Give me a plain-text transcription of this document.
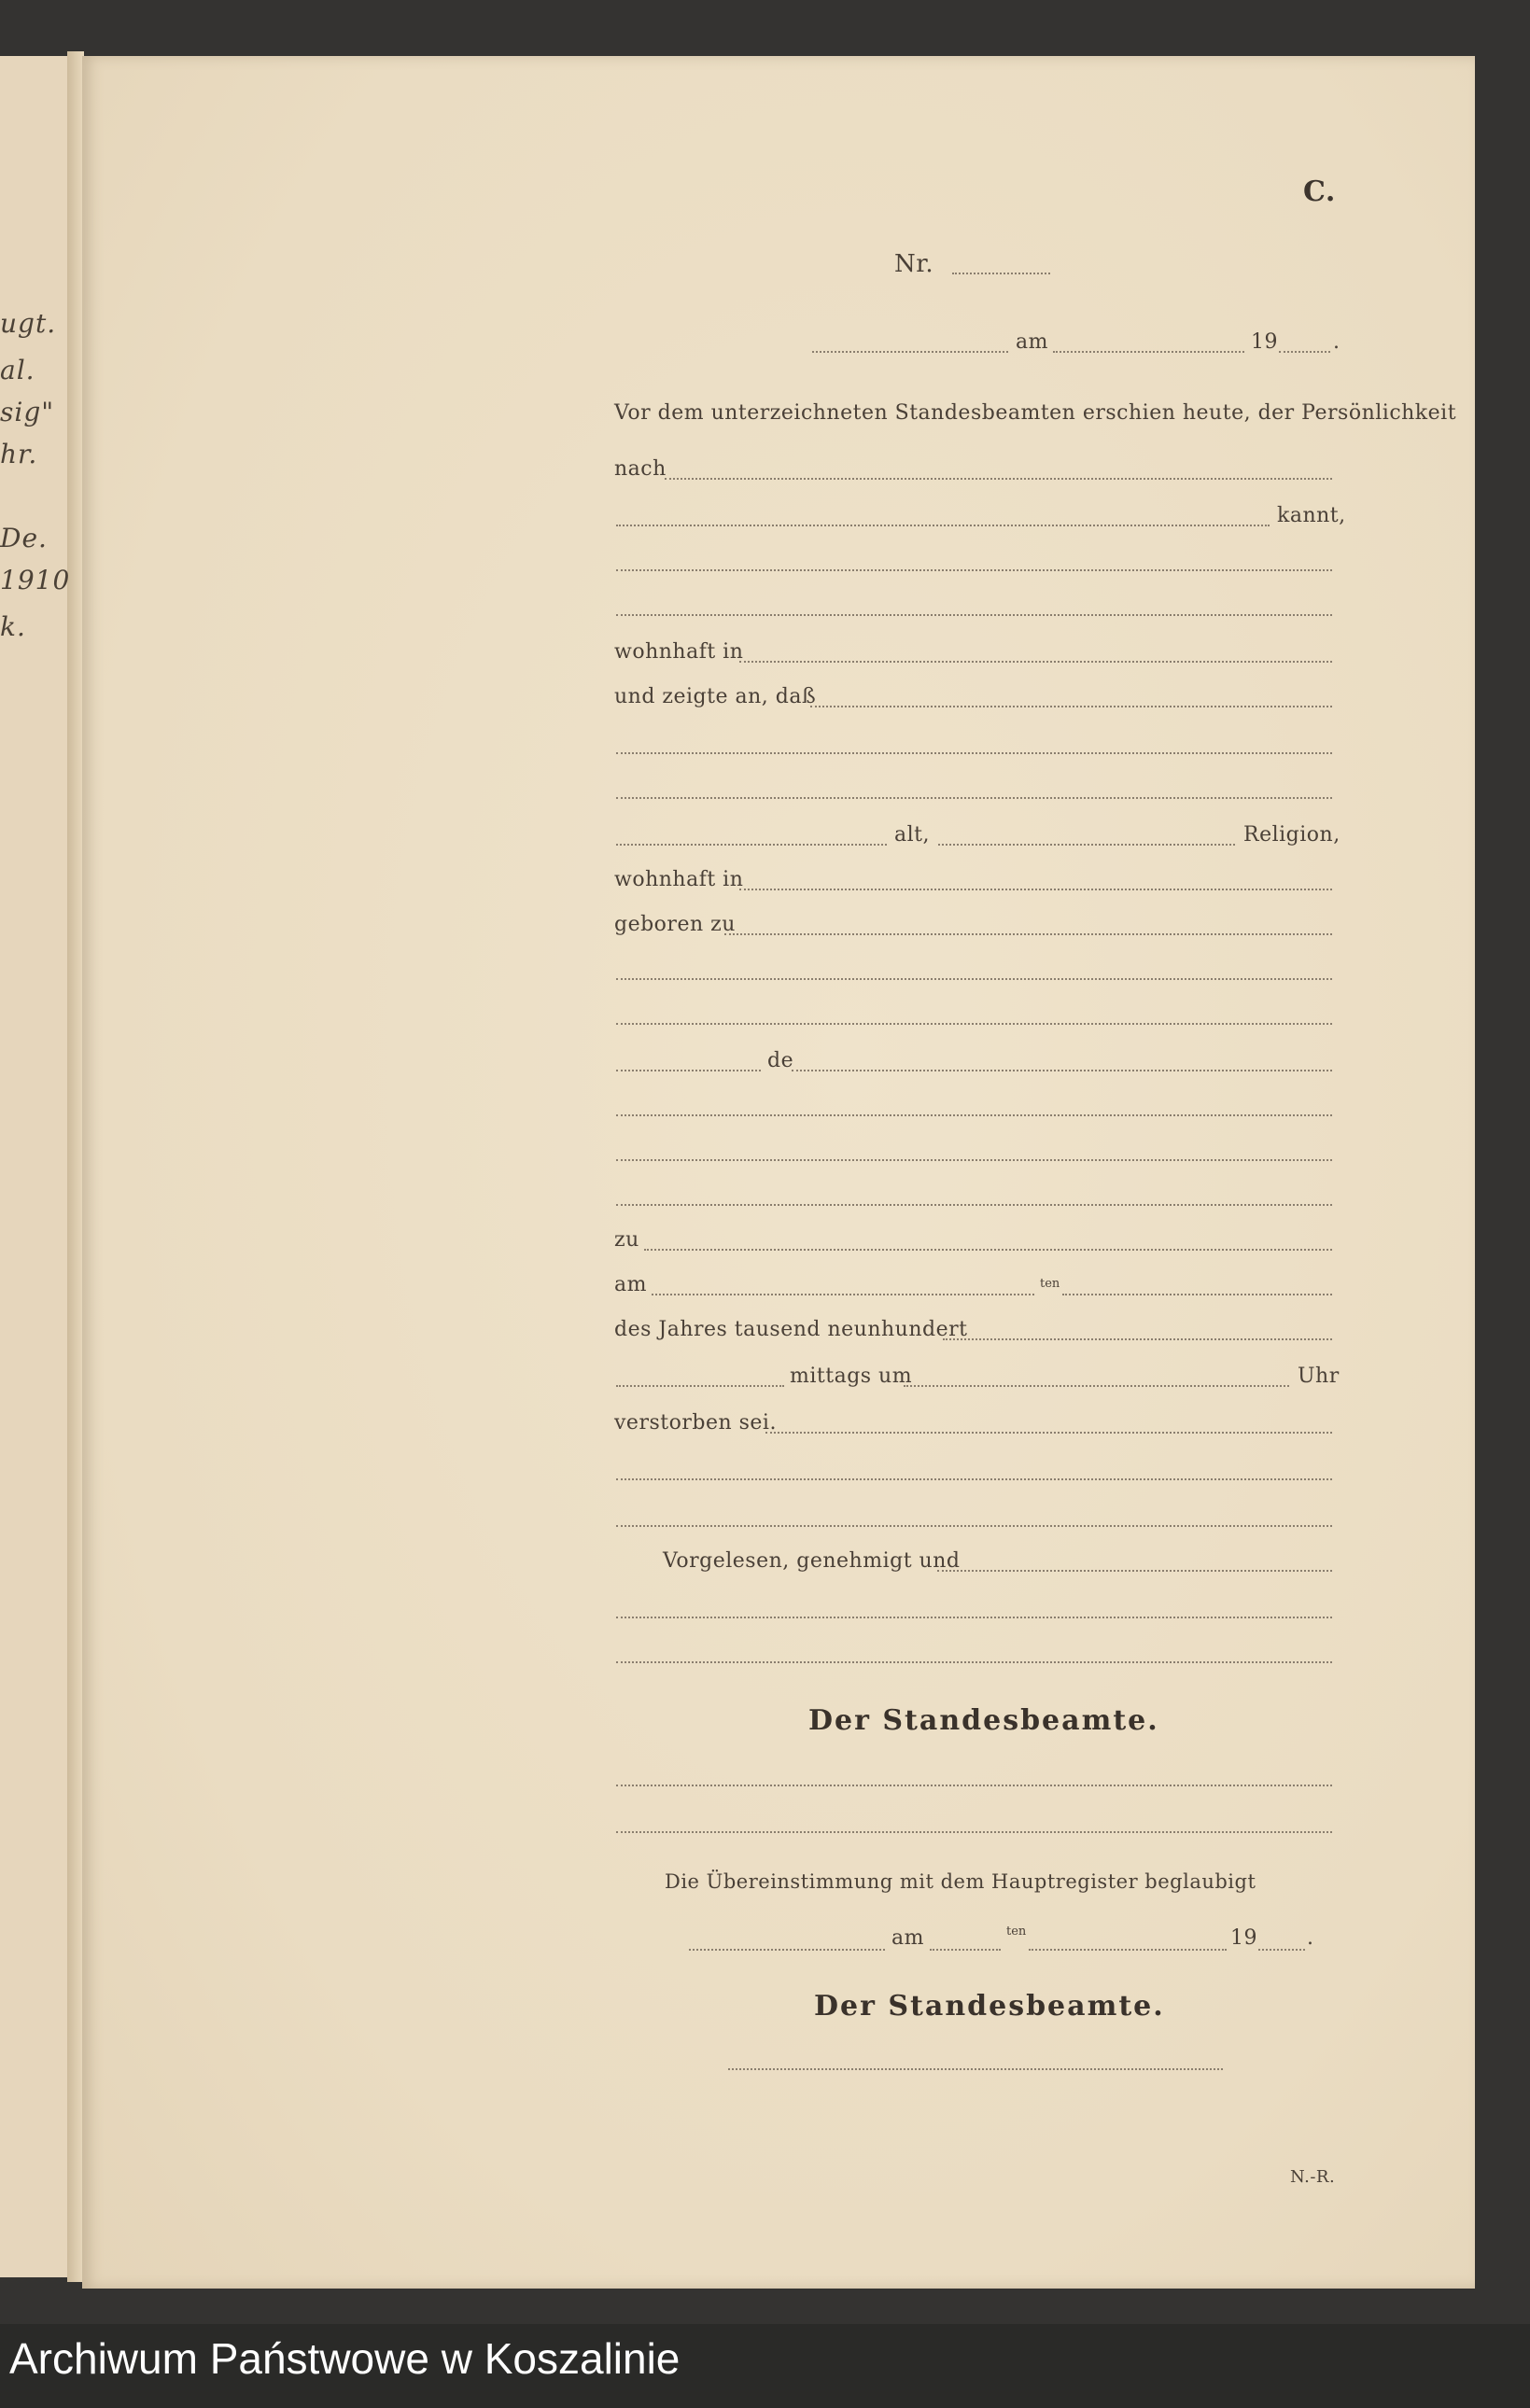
ugt.
al.
sig"
hr.
De.
1910
k.
C.
Nr.
am	19	.
Vor dem unterzeichneten Standesbeamten erschien heute, der Persönlichkeit
nach
kannt,
wohnhaft in
und zeigte an, daß
alt,	Religion,
wohnhaft in
geboren zu
de
zu
am	ten
des Jahres tausend neunhundert
mittags um	Uhr
verstorben sei.
Vorgelesen, genehmigt und
Der Standesbeamte.
Die Übereinstimmung mit dem Hauptregister beglaubigt
am	ten	19 .
Der Standesbeamte.
N.-R.
Archiwum Państwowe w Koszalinie
